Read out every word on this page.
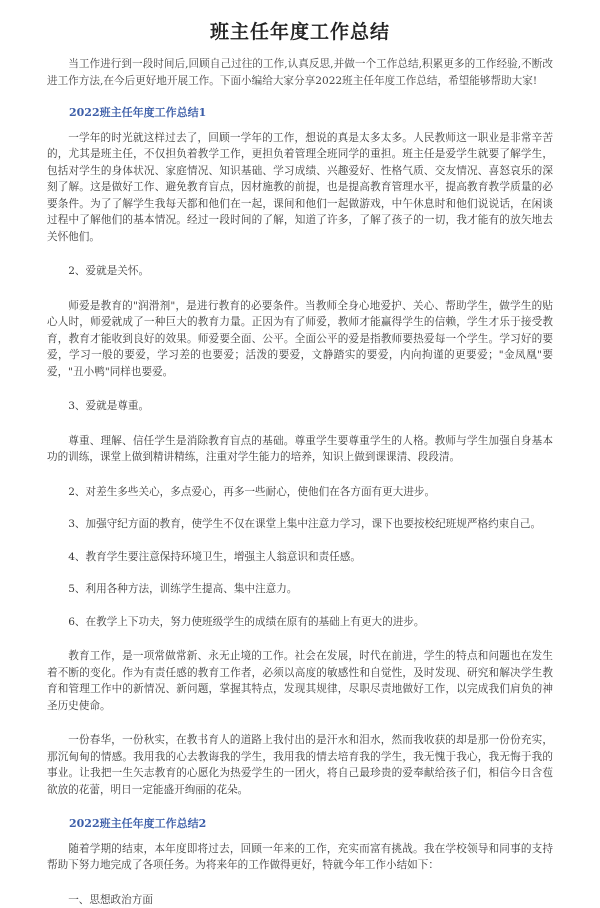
班主任年度工作总结

当工作进行到一段时间后,回顾自己过往的工作,认真反思,并做一个工作总结,积累更多的工作经验,不断改进工作方法,在今后更好地开展工作。下面小编给大家分享2022班主任年度工作总结，希望能够帮助大家!

2022班主任年度工作总结1

一学年的时光就这样过去了，回顾一学年的工作，想说的真是太多太多。人民教师这一职业是非常辛苦的，尤其是班主任，不仅担负着教学工作，更担负着管理全班同学的重担。班主任是爱学生就要了解学生，包括对学生的身体状况、家庭情况、知识基础、学习成绩、兴趣爱好、性格气质、交友情况、喜怒哀乐的深刻了解。这是做好工作、避免教育盲点，因材施教的前提，也是提高教育管理水平，提高教育教学质量的必要条件。为了了解学生我每天都和他们在一起，课间和他们一起做游戏，中午休息时和他们说说话，在闲谈过程中了解他们的基本情况。经过一段时间的了解，知道了许多，了解了孩子的一切，我才能有的放矢地去关怀他们。

2、爱就是关怀。

师爱是教育的"润滑剂"，是进行教育的必要条件。当教师全身心地爱护、关心、帮助学生，做学生的贴心人时，师爱就成了一种巨大的教育力量。正因为有了师爱，教师才能赢得学生的信赖，学生才乐于接受教育，教育才能收到良好的效果。师爱要全面、公平。全面公平的爱是指教师要热爱每一个学生。学习好的要爱，学习一般的要爱，学习差的也要爱；活泼的要爱，文静踏实的要爱，内向拘谨的更要爱；"金凤凰"要爱，"丑小鸭"同样也要爱。

3、爱就是尊重。

尊重、理解、信任学生是消除教育盲点的基础。尊重学生要尊重学生的人格。教师与学生加强自身基本功的训练，课堂上做到精讲精练，注重对学生能力的培养，知识上做到课课清、段段清。

2、对差生多些关心，多点爱心，再多一些耐心，使他们在各方面有更大进步。

3、加强守纪方面的教育，使学生不仅在课堂上集中注意力学习，课下也要按校纪班规严格约束自己。

4、教育学生要注意保持环境卫生，增强主人翁意识和责任感。

5、利用各种方法，训练学生提高、集中注意力。

6、在教学上下功夫，努力使班级学生的成绩在原有的基础上有更大的进步。

教育工作，是一项常做常新、永无止境的工作。社会在发展，时代在前进，学生的特点和问题也在发生着不断的变化。作为有责任感的教育工作者，必须以高度的敏感性和自觉性，及时发现、研究和解决学生教育和管理工作中的新情况、新问题，掌握其特点，发现其规律，尽职尽责地做好工作，以完成我们肩负的神圣历史使命。

一份春华，一份秋实，在教书育人的道路上我付出的是汗水和泪水，然而我收获的却是那一份份充实，那沉甸甸的情感。我用我的心去教诲我的学生，我用我的情去培育我的学生，我无愧于我心，我无悔于我的事业。让我把一生矢志教育的心愿化为热爱学生的一团火，将自己最珍贵的爱奉献给孩子们，相信今日含苞欲放的花蕾，明日一定能盛开绚丽的花朵。

2022班主任年度工作总结2

随着学期的结束，本年度即将过去，回顾一年来的工作，充实而富有挑战。我在学校领导和同事的支持帮助下努力地完成了各项任务。为将来年的工作做得更好，特就今年工作小结如下：

一、思想政治方面
